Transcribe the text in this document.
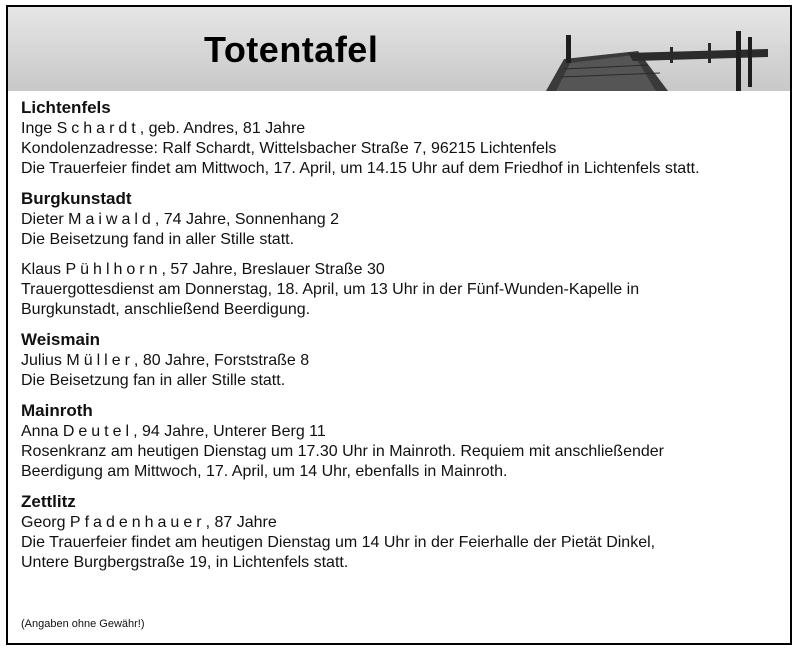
Totentafel
Lichtenfels
Inge Schardt, geb. Andres, 81 Jahre
Kondolenzadresse: Ralf Schardt, Wittelsbacher Straße 7, 96215 Lichtenfels
Die Trauerfeier findet am Mittwoch, 17. April, um 14.15 Uhr auf dem Friedhof in Lichtenfels statt.
Burgkunstadt
Dieter Maiwald, 74 Jahre, Sonnenhang 2
Die Beisetzung fand in aller Stille statt.
Klaus Pühlhorn, 57 Jahre, Breslauer Straße 30
Trauergottesdienst am Donnerstag, 18. April, um 13 Uhr in der Fünf-Wunden-Kapelle in
Burgkunstadt, anschließend Beerdigung.
Weismain
Julius Müller, 80 Jahre, Forststraße 8
Die Beisetzung fan in aller Stille statt.
Mainroth
Anna Deutel, 94 Jahre, Unterer Berg 11
Rosenkranz am heutigen Dienstag um 17.30 Uhr in Mainroth. Requiem mit anschließender
Beerdigung am Mittwoch, 17. April, um 14 Uhr, ebenfalls in Mainroth.
Zettlitz
Georg Pfadenhauer, 87 Jahre
Die Trauerfeier findet am heutigen Dienstag um 14 Uhr in der Feierhalle der Pietät Dinkel,
Untere Burgbergstraße 19, in Lichtenfels statt.
(Angaben ohne Gewähr!)
